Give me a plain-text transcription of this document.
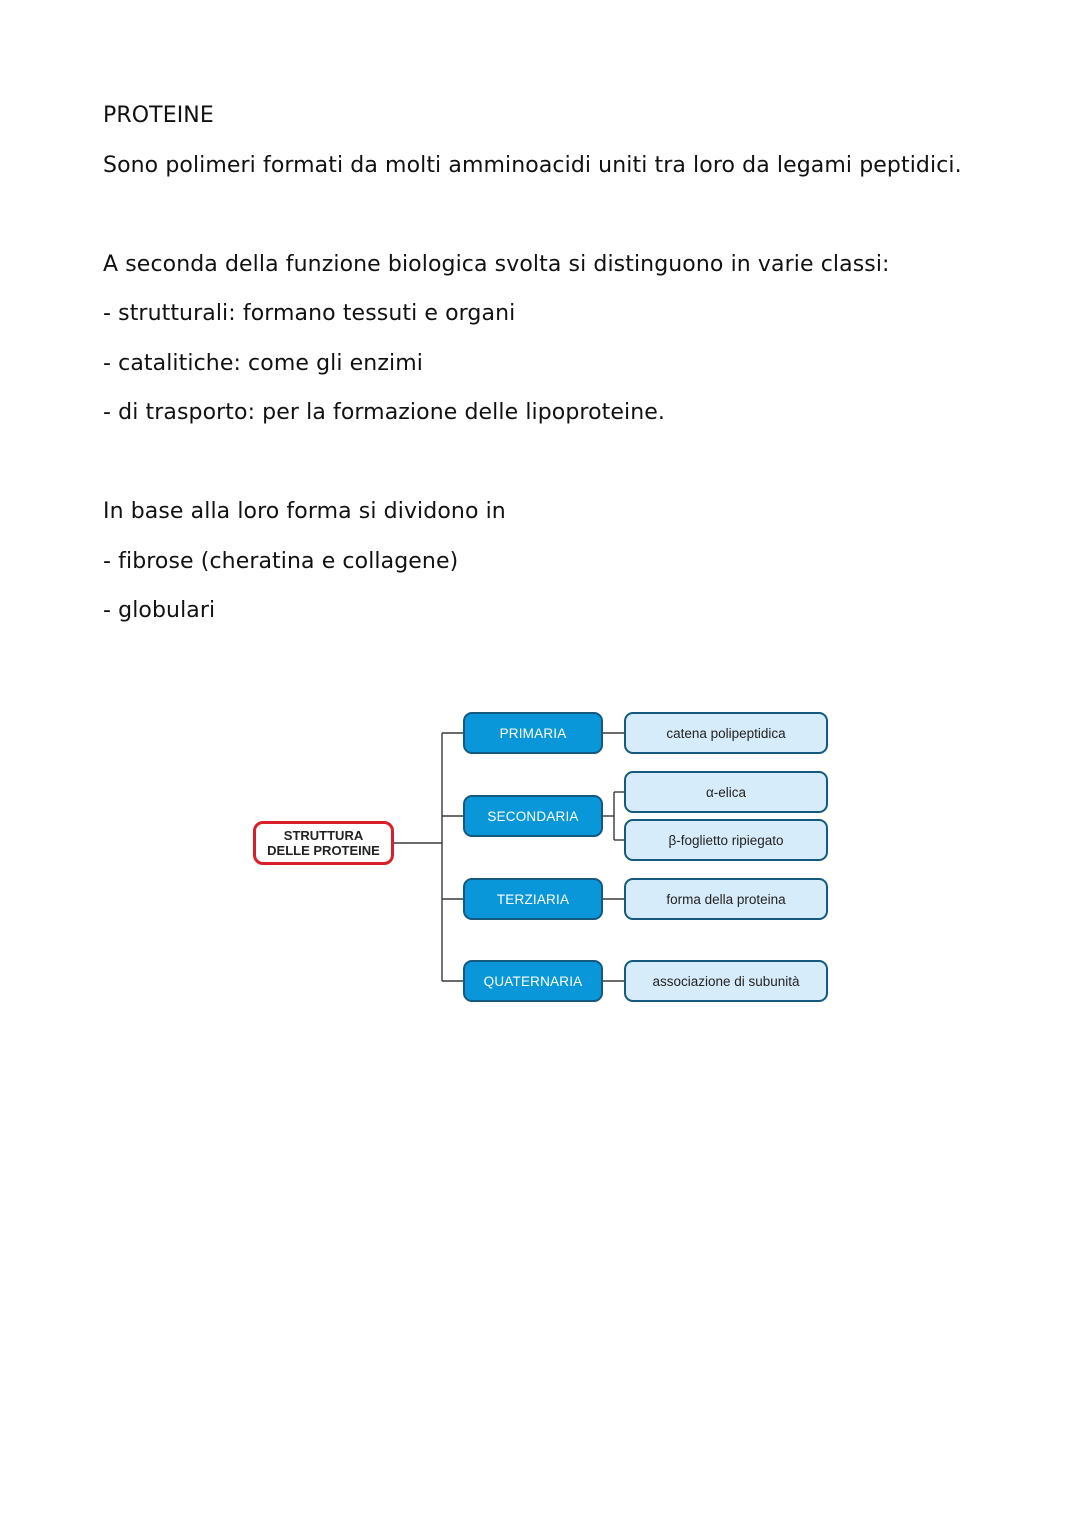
PROTEINE
Sono polimeri formati da molti amminoacidi uniti tra loro da legami peptidici.
A seconda della funzione biologica svolta si distinguono in varie classi:
- strutturali: formano tessuti e organi
- catalitiche: come gli enzimi
- di trasporto: per la formazione delle lipoproteine.
In base alla loro forma si dividono in
- fibrose (cheratina e collagene)
- globulari
STRUTTURA
DELLE PROTEINE
PRIMARIA
SECONDARIA
TERZIARIA
QUATERNARIA
catena polipeptidica
α-elica
β-foglietto ripiegato
forma della proteina
associazione di subunità
